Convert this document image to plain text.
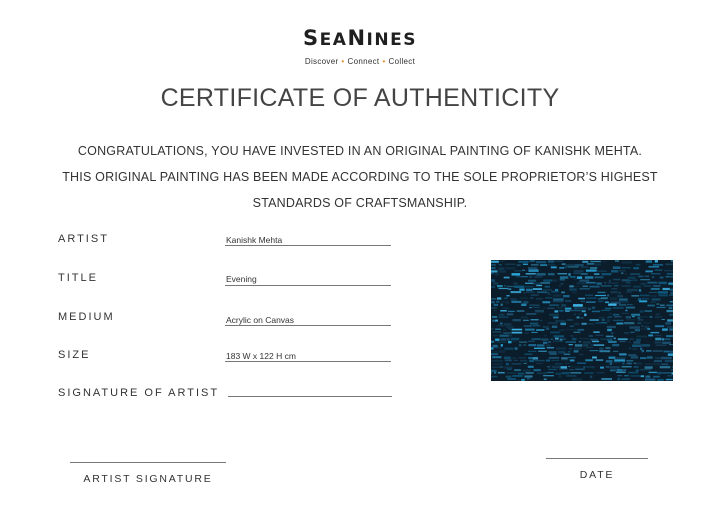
SEANINES
Discover • Connect • Collect
CERTIFICATE OF AUTHENTICITY
CONGRATULATIONS, YOU HAVE INVESTED IN AN ORIGINAL PAINTING OF KANISHK MEHTA.
THIS ORIGINAL PAINTING HAS BEEN MADE ACCORDING TO THE SOLE PROPRIETOR’S HIGHEST
STANDARDS OF CRAFTSMANSHIP.
ARTIST	Kanishk Mehta
TITLE	Evening
MEDIUM	Acrylic on Canvas
SIZE	183 W x 122 H cm
SIGNATURE OF ARTIST
ARTIST SIGNATURE	DATE
